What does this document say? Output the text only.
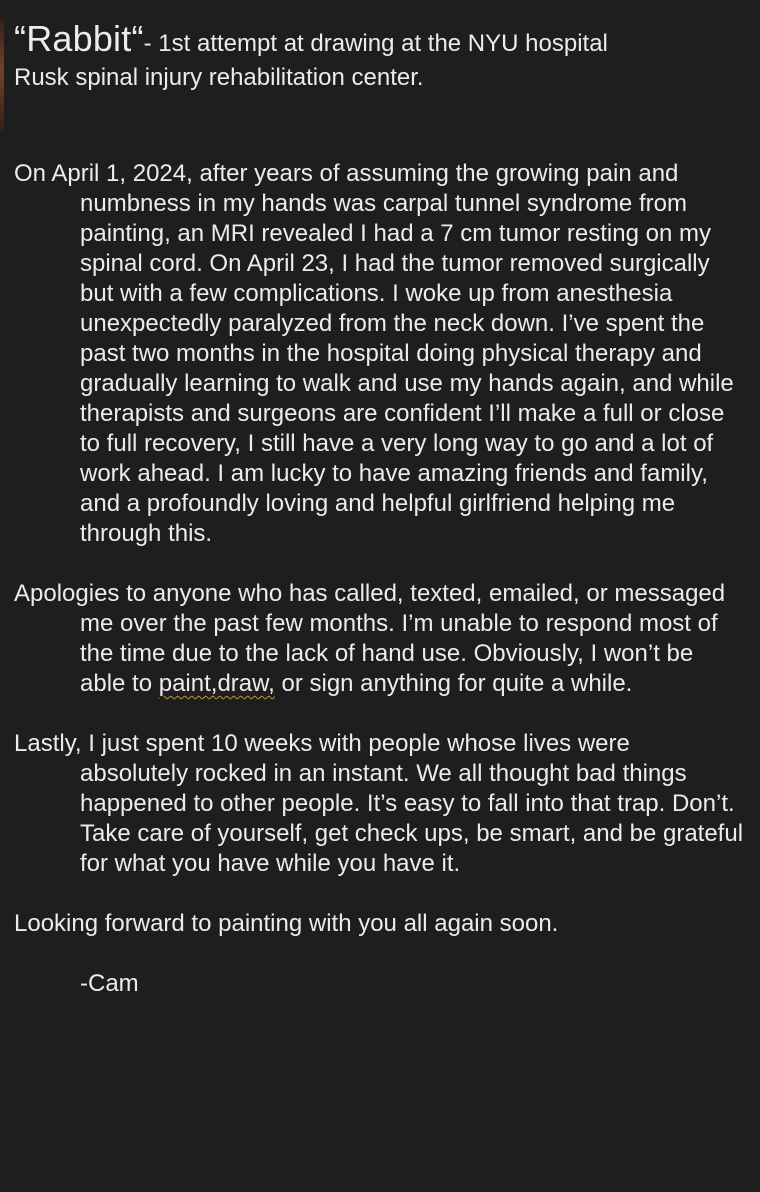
“Rabbit“- 1st attempt at drawing at the NYU hospital

Rusk spinal injury rehabilitation center.

On April 1, 2024, after years of assuming the growing pain and numbness in my hands was carpal tunnel syndrome from painting, an MRI revealed I had a 7 cm tumor resting on my spinal cord. On April 23, I had the tumor removed surgically but with a few complications. I woke up from anesthesia unexpectedly paralyzed from the neck down. I’ve spent the past two months in the hospital doing physical therapy and gradually learning to walk and use my hands again, and while therapists and surgeons are confident I’ll make a full or close to full recovery, I still have a very long way to go and a lot of work ahead. I am lucky to have amazing friends and family, and a profoundly loving and helpful girlfriend helping me through this.

Apologies to anyone who has called, texted, emailed, or messaged me over the past few months. I’m unable to respond most of the time due to the lack of hand use. Obviously, I won’t be able to paint,draw, or sign anything for quite a while.

Lastly, I just spent 10 weeks with people whose lives were absolutely rocked in an instant. We all thought bad things happened to other people. It’s easy to fall into that trap. Don’t. Take care of yourself, get check ups, be smart, and be grateful for what you have while you have it.

Looking forward to painting with you all again soon.

-Cam
